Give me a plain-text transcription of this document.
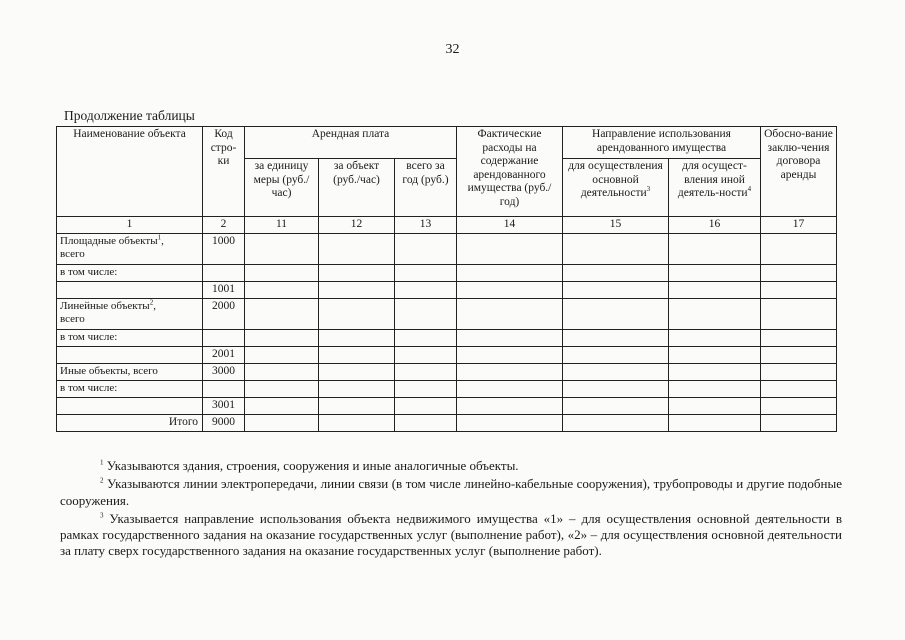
32
Продолжение таблицы
Наименование объекта	Код стро-ки	Арендная плата			Фактические расходы на содержание арендованного имущества (руб./год)	Направление использования арендованного имущества		Обосно-вание заклю-чения договора аренды
		за единицу меры (руб./час)	за объект (руб./час)	всего за год (руб.)		для осуществления основной деятельности$^3$	для осущест-вления иной деятель-ности$^4$
1	2	11	12	13	14	15	16	17
Площадные объекты$^1$,
всего	1000							
в том числе:								
	1001							
Линейные объекты$^2$,
всего	2000							
в том числе:								
	2001							
Иные объекты, всего	3000							
в том числе:								
	3001							
Итого	9000							

$^1$ Указываются здания, строения, сооружения и иные аналогичные объекты.

$^2$ Указываются линии электропередачи, линии связи (в том числе линейно-кабельные сооружения), трубопроводы и другие подобные сооружения.

$^3$ Указывается направление использования объекта недвижимого имущества «1» – для осуществления основной деятельности в рамках государственного задания на оказание государственных услуг (выполнение работ), «2» – для осуществления основной деятельности за плату сверх государственного задания на оказание государственных услуг (выполнение работ).
